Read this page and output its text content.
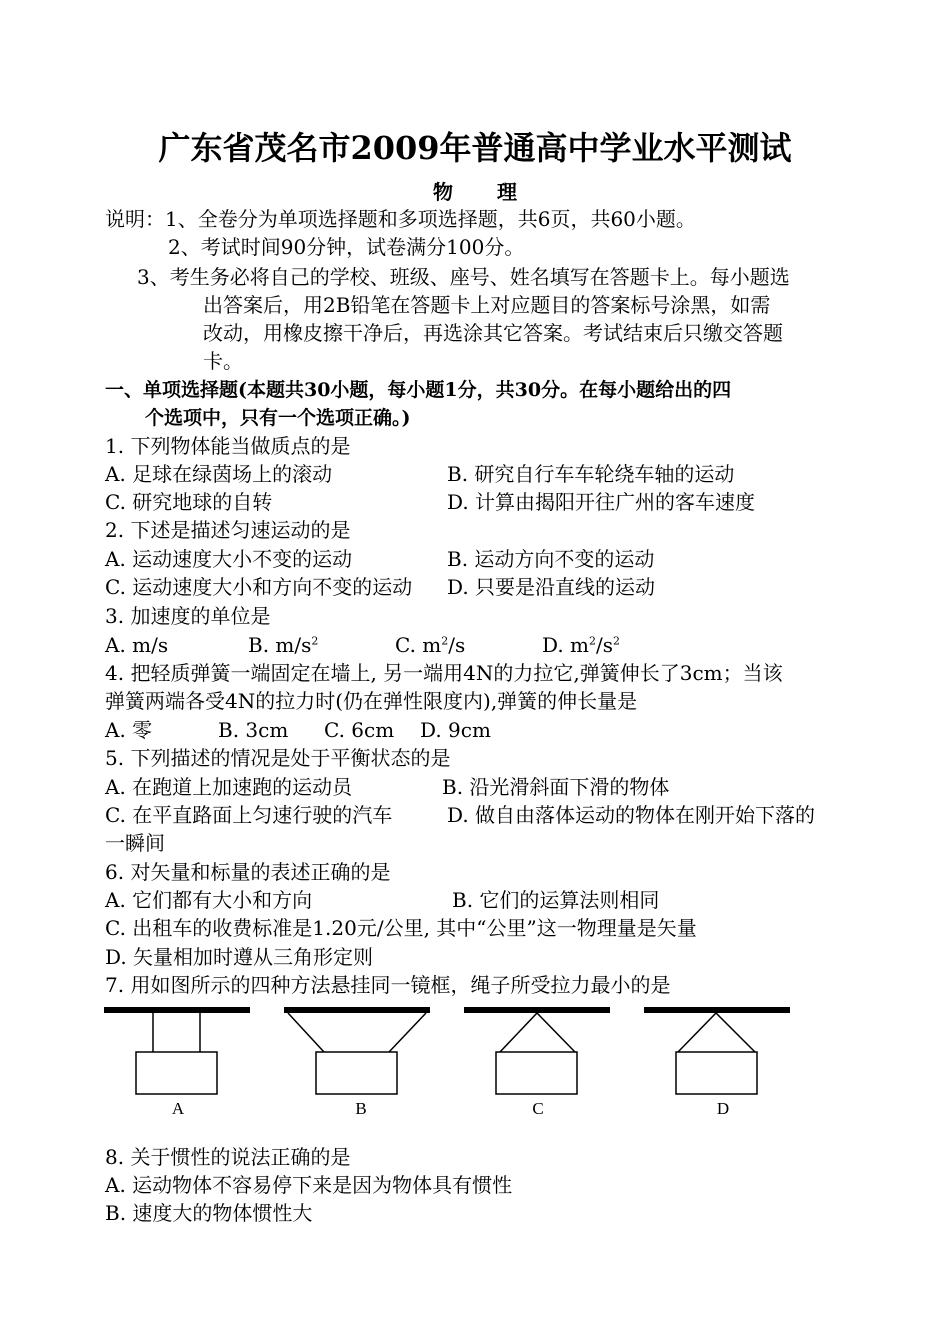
广东省茂名市2009年普通高中学业水平测试
物理
说明：1、全卷分为单项选择题和多项选择题，共6页，共60小题。
2、考试时间90分钟，试卷满分100分。
3、考生务必将自己的学校、班级、座号、姓名填写在答题卡上。每小题选
出答案后，用2B铅笔在答题卡上对应题目的答案标号涂黑，如需
改动，用橡皮擦干净后，再选涂其它答案。考试结束后只缴交答题
卡。
一、单项选择题(本题共30小题，每小题1分，共30分。在每小题给出的四
个选项中，只有一个选项正确。)
1. 下列物体能当做质点的是
A. 足球在绿茵场上的滚动	B. 研究自行车车轮绕车轴的运动
C. 研究地球的自转	D. 计算由揭阳开往广州的客车速度
2. 下述是描述匀速运动的是
A. 运动速度大小不变的运动	B. 运动方向不变的运动
C. 运动速度大小和方向不变的运动 D. 只要是沿直线的运动
3. 加速度的单位是
A. m/s	B. $m/s^2$	C. $m^2/s$	D. $m^2/s^2$
4. 把轻质弹簧一端固定在墙上, 另一端用4N的力拉它,弹簧伸长了3cm；当该
弹簧两端各受4N的拉力时(仍在弹性限度内),弹簧的伸长量是
A. 零	B. 3cm C. 6cm D. 9cm
5. 下列描述的情况是处于平衡状态的是
A. 在跑道上加速跑的运动员	B. 沿光滑斜面下滑的物体
C. 在平直路面上匀速行驶的汽车	D. 做自由落体运动的物体在刚开始下落的
一瞬间
6. 对矢量和标量的表述正确的是
A. 它们都有大小和方向	B. 它们的运算法则相同
C. 出租车的收费标准是1.20元/公里, 其中“公里”这一物理量是矢量
D. 矢量相加时遵从三角形定则
7. 用如图所示的四种方法悬挂同一镜框，绳子所受拉力最小的是
A	B	C	D
8. 关于惯性的说法正确的是
A. 运动物体不容易停下来是因为物体具有惯性
B. 速度大的物体惯性大
